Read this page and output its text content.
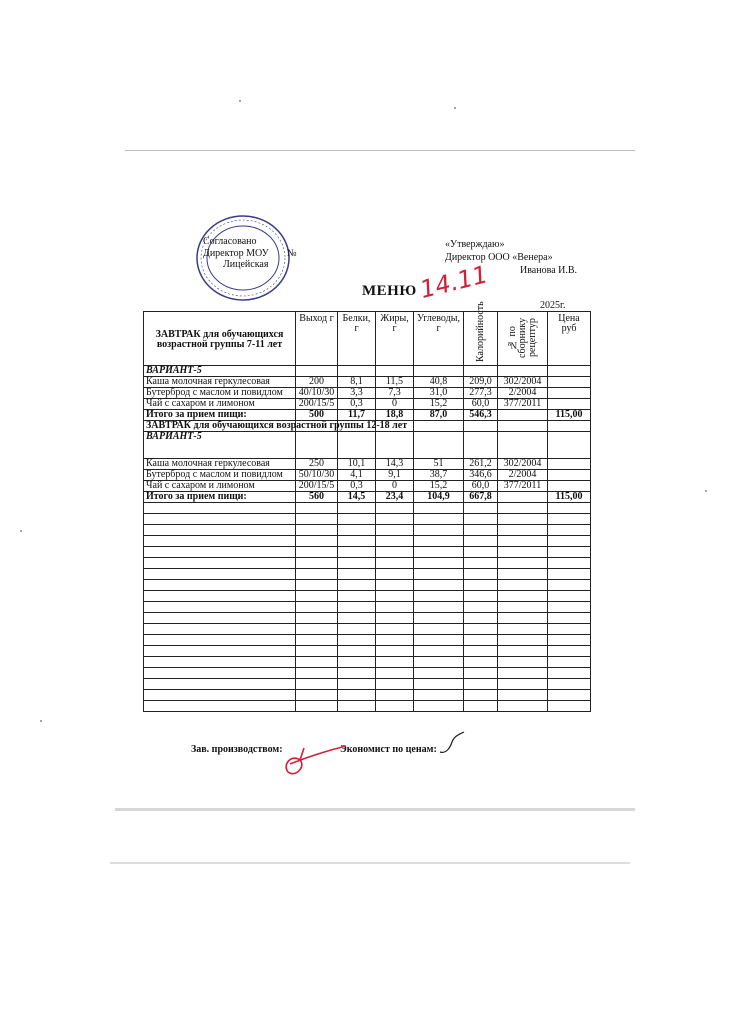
Согласовано
Директор МОУ
Лицейская
№
«Утверждаю»
Директор ООО «Венера»
Иванова И.В.
МЕНЮ 14.11
2025г.
ЗАВТРАК для обучающихся возрастной группы 7-11 лет	Выход г	Белки, г	Жиры, г	Углеводы, г	Калорийность	№ по сборнику рецептур	Цена руб
ВАРИАНТ-5							
Каша молочная геркулесовая	200	8,1	11,5	40,8	209,0	302/2004	
Бутерброд с маслом и повидлом	40/10/30	3,3	7,3	31,0	277,3	2/2004	
Чай с сахаром и лимоном	200/15/5	0,3	0	15,2	60,0	377/2011	
Итого за прием пищи:	500	11,7	18,8	87,0	546,3		115,00
ЗАВТРАК для обучающихся возрастной группы 12-18 лет							
ВАРИАНТ-5							
Каша молочная геркулесовая	250	10,1	14,3	51	261,2	302/2004	
Бутерброд с маслом и повидлом	50/10/30	4,1	9,1	38,7	346,6	2/2004	
Чай с сахаром и лимоном	200/15/5	0,3	0	15,2	60,0	377/2011	
Итого за прием пищи:	560	14,5	23,4	104,9	667,8		115,00

Зав. производством:	Экономист по ценам:
